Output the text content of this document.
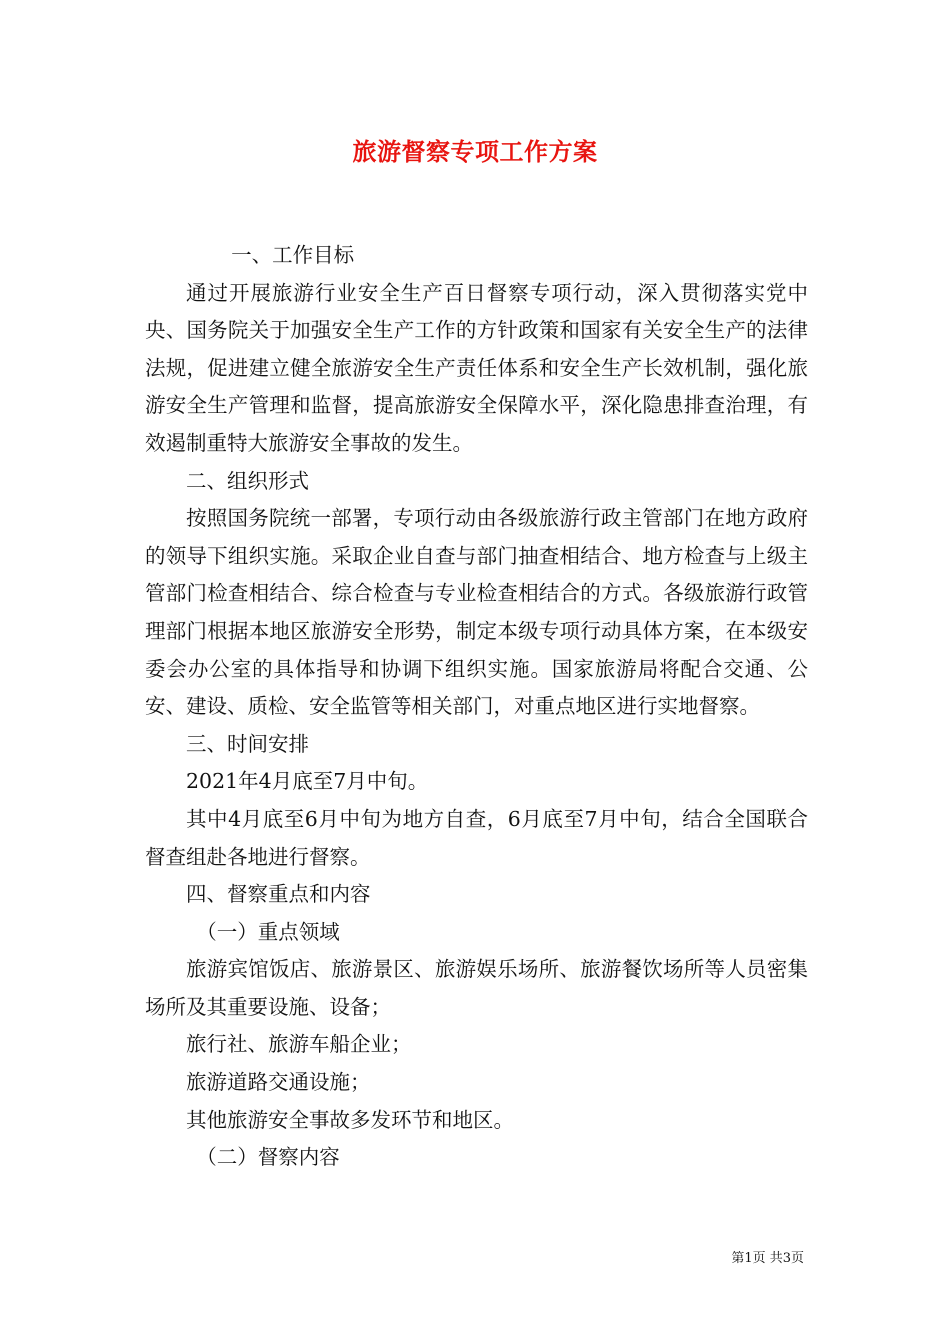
旅游督察专项工作方案

一、工作目标

通过开展旅游行业安全生产百日督察专项行动，深入贯彻落实党中央、国务院关于加强安全生产工作的方针政策和国家有关安全生产的法律法规，促进建立健全旅游安全生产责任体系和安全生产长效机制，强化旅游安全生产管理和监督，提高旅游安全保障水平，深化隐患排查治理，有效遏制重特大旅游安全事故的发生。

二、组织形式

按照国务院统一部署，专项行动由各级旅游行政主管部门在地方政府的领导下组织实施。采取企业自查与部门抽查相结合、地方检查与上级主管部门检查相结合、综合检查与专业检查相结合的方式。各级旅游行政管理部门根据本地区旅游安全形势，制定本级专项行动具体方案，在本级安委会办公室的具体指导和协调下组织实施。国家旅游局将配合交通、公安、建设、质检、安全监管等相关部门，对重点地区进行实地督察。

三、时间安排

2021年4月底至7月中旬。

其中4月底至6月中旬为地方自查，6月底至7月中旬，结合全国联合督查组赴各地进行督察。

四、督察重点和内容

（一）重点领域

旅游宾馆饭店、旅游景区、旅游娱乐场所、旅游餐饮场所等人员密集场所及其重要设施、设备；

旅行社、旅游车船企业；

旅游道路交通设施；

其他旅游安全事故多发环节和地区。

（二）督察内容

第1页 共3页
